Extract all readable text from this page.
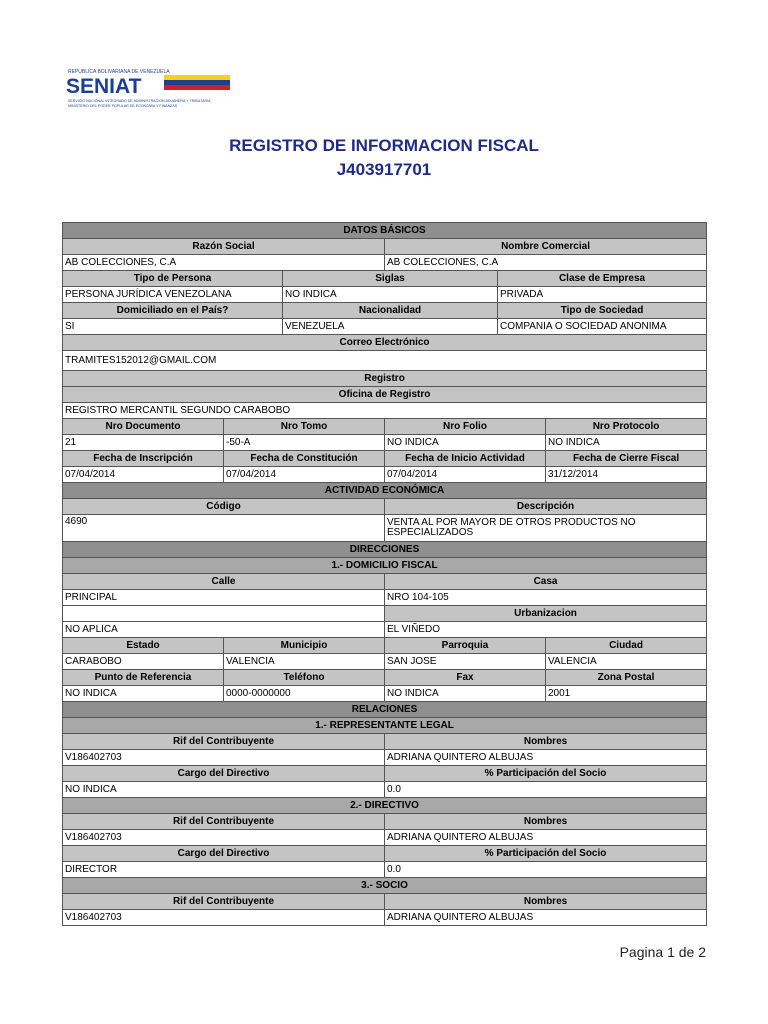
REPUBLICA BOLIVARIANA DE VENEZUELA
SENIAT
SERVICIO NACIONAL INTEGRADO DE ADMINISTRACION ADUANERA Y TRIBUTARIA
MINISTERIO DEL PODER POPULAR DE ECONOMIA Y FINANZAS
REGISTRO DE INFORMACION FISCAL
J403917701
DATOS BÁSICOS					
Razón Social			Nombre Comercial		
AB COLECCIONES, C.A			AB COLECCIONES, C.A		
Tipo de Persona		Siglas		Clase de Empresa	
PERSONA JURÍDICA VENEZOLANA		NO INDICA		PRIVADA	
Domiciliado en el País?		Nacionalidad		Tipo de Sociedad	
SI		VENEZUELA		COMPANIA O SOCIEDAD ANONIMA	
Correo Electrónico					
TRAMITES152012@GMAIL.COM					
Registro					
Oficina de Registro					
REGISTRO MERCANTIL SEGUNDO CARABOBO					
Nro Documento	Nro Tomo		Nro Folio		Nro Protocolo
21	-50-A		NO INDICA		NO INDICA
Fecha de Inscripción	Fecha de Constitución		Fecha de Inicio Actividad		Fecha de Cierre Fiscal
07/04/2014	07/04/2014		07/04/2014		31/12/2014
ACTIVIDAD ECONÓMICA					
Código			Descripción		
4690			VENTA AL POR MAYOR DE OTROS PRODUCTOS NO ESPECIALIZADOS		
DIRECCIONES					
1.- DOMICILIO FISCAL					
Calle			Casa		
PRINCIPAL			NRO 104-105		
			Urbanizacion		
NO APLICA			EL VIÑEDO		
Estado	Municipio		Parroquia		Ciudad
CARABOBO	VALENCIA		SAN JOSE		VALENCIA
Punto de Referencia	Teléfono		Fax		Zona Postal
NO INDICA	0000-0000000		NO INDICA		2001
RELACIONES					
1.- REPRESENTANTE LEGAL					
Rif del Contribuyente			Nombres		
V186402703			ADRIANA QUINTERO ALBUJAS		
Cargo del Directivo			% Participación del Socio		
NO INDICA			0.0		
2.- DIRECTIVO					
Rif del Contribuyente			Nombres		
V186402703			ADRIANA QUINTERO ALBUJAS		
Cargo del Directivo			% Participación del Socio		
DIRECTOR			0.0		
3.- SOCIO					
Rif del Contribuyente			Nombres		
V186402703			ADRIANA QUINTERO ALBUJAS		
Pagina 1 de 2
